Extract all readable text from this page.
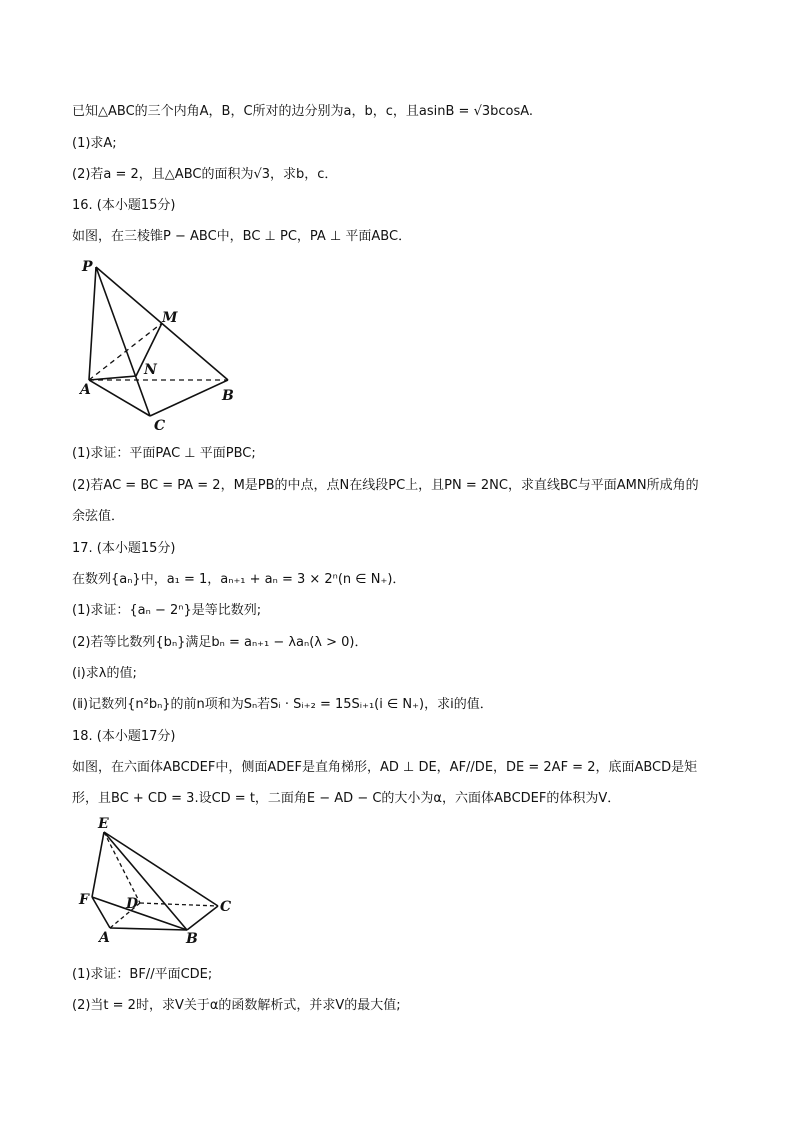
已知△ABC的三个内角A，B，C所对的边分别为a，b，c，且asinB = √3bcosA.
(1)求A;
(2)若a = 2，且△ABC的面积为√3，求b，c．
16. (本小题15分)
如图，在三棱锥P − ABC中，BC ⊥ PC，PA ⊥ 平面ABC．
P
M
N
A	B
C
(1)求证：平面PAC ⊥ 平面PBC;
(2)若AC = BC = PA = 2，M是PB的中点，点N在线段PC上，且PN = 2NC，求直线BC与平面AMN所成角的
余弦值．
17. (本小题15分)
在数列{aₙ}中，a₁ = 1，aₙ₊₁ + aₙ = 3 × 2ⁿ(n ∈ N₊)．
(1)求证：{aₙ − 2ⁿ}是等比数列;
(2)若等比数列{bₙ}满足bₙ = aₙ₊₁ − λaₙ(λ > 0)．
(ⅰ)求λ的值;
(ⅱ)记数列{n²bₙ}的前n项和为Sₙ若Sᵢ · Sᵢ₊₂ = 15Sᵢ₊₁(i ∈ N₊)，求i的值．
18. (本小题17分)
如图，在六面体ABCDEF中，侧面ADEF是直角梯形，AD ⊥ DE，AF//DE，DE = 2AF = 2，底面ABCD是矩
形，且BC + CD = 3.设CD = t，二面角E − AD − C的大小为α，六面体ABCDEF的体积为V．
E
F	D	C
A	B
(1)求证：BF//平面CDE;
(2)当t = 2时，求V关于α的函数解析式，并求V的最大值;
